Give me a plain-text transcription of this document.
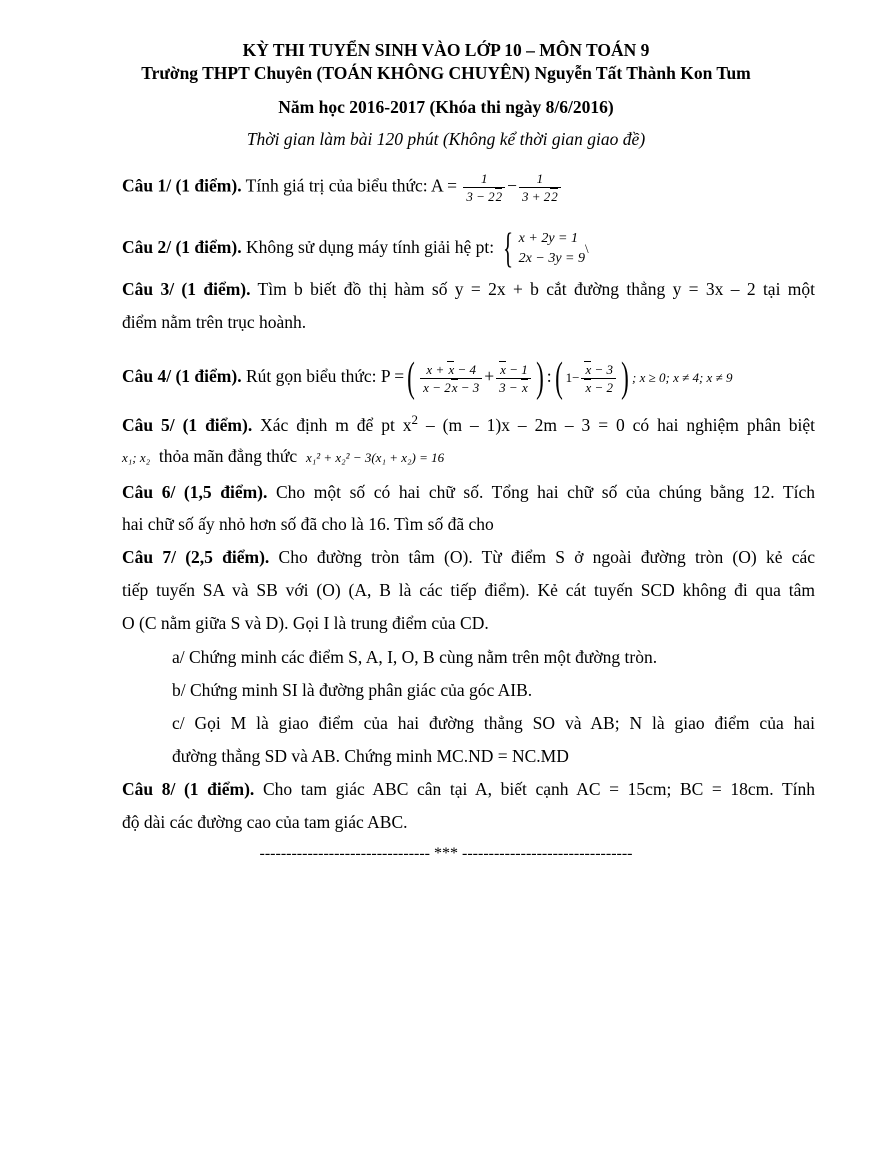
KỲ THI TUYỂN SINH VÀO LỚP 10 – MÔN TOÁN 9
Trường THPT Chuyên (TOÁN KHÔNG CHUYÊN) Nguyễn Tất Thành Kon Tum
Năm học 2016-2017 (Khóa thi ngày 8/6/2016)
Thời gian làm bài 120 phút (Không kể thời gian giao đề)
Câu 1/ (1 điểm). Tính giá trị của biểu thức: $A = \frac{1}{3 - 22} - \frac{1}{3 + 22}$
Câu 2/ (1 điểm). Không sử dụng máy tính giải hệ pt: { x + 2y = 1
2x − 3y = 9\
Câu 3/ (1 điểm). Tìm b biết đồ thị hàm số y = 2x + b cắt đường thẳng y = 3x – 2 tại một
điểm nằm trên trục hoành.
Câu 4/ (1 điểm). Rút gọn biểu thức: P =( $\frac{x + x - 4}{x - 2x - 3} + \frac{x - 1}{3 - x}$ ) :( $1- \frac{x - 3}{x - 2}$ ) ; x ≥ 0; x ≠ 4; x ≠ 9
Câu 5/ (1 điểm). Xác định m để pt $x^2 - (m - 1)x - 2m - 3 = 0$ có hai nghiệm phân biệt
x₁; x₂ thỏa mãn đẳng thức x₁² + x₂² − 3(x₁ + x₂) = 16
Câu 6/ (1,5 điểm). Cho một số có hai chữ số. Tổng hai chữ số của chúng bằng 12. Tích
hai chữ số ấy nhỏ hơn số đã cho là 16. Tìm số đã cho
Câu 7/ (2,5 điểm). Cho đường tròn tâm (O). Từ điểm S ở ngoài đường tròn (O) kẻ các
tiếp tuyến SA và SB với (O) (A, B là các tiếp điểm). Kẻ cát tuyến SCD không đi qua tâm
O (C nằm giữa S và D). Gọi I là trung điểm của CD.
a/ Chứng minh các điểm S, A, I, O, B cùng nằm trên một đường tròn.
b/ Chứng minh SI là đường phân giác của góc AIB.
c/ Gọi M là giao điểm của hai đường thẳng SO và AB; N là giao điểm của hai
đường thẳng SD và AB. Chứng minh MC.ND = NC.MD
Câu 8/ (1 điểm). Cho tam giác ABC cân tại A, biết cạnh AC = 15cm; BC = 18cm. Tính
độ dài các đường cao của tam giác ABC.
-------------------------------- *** --------------------------------
